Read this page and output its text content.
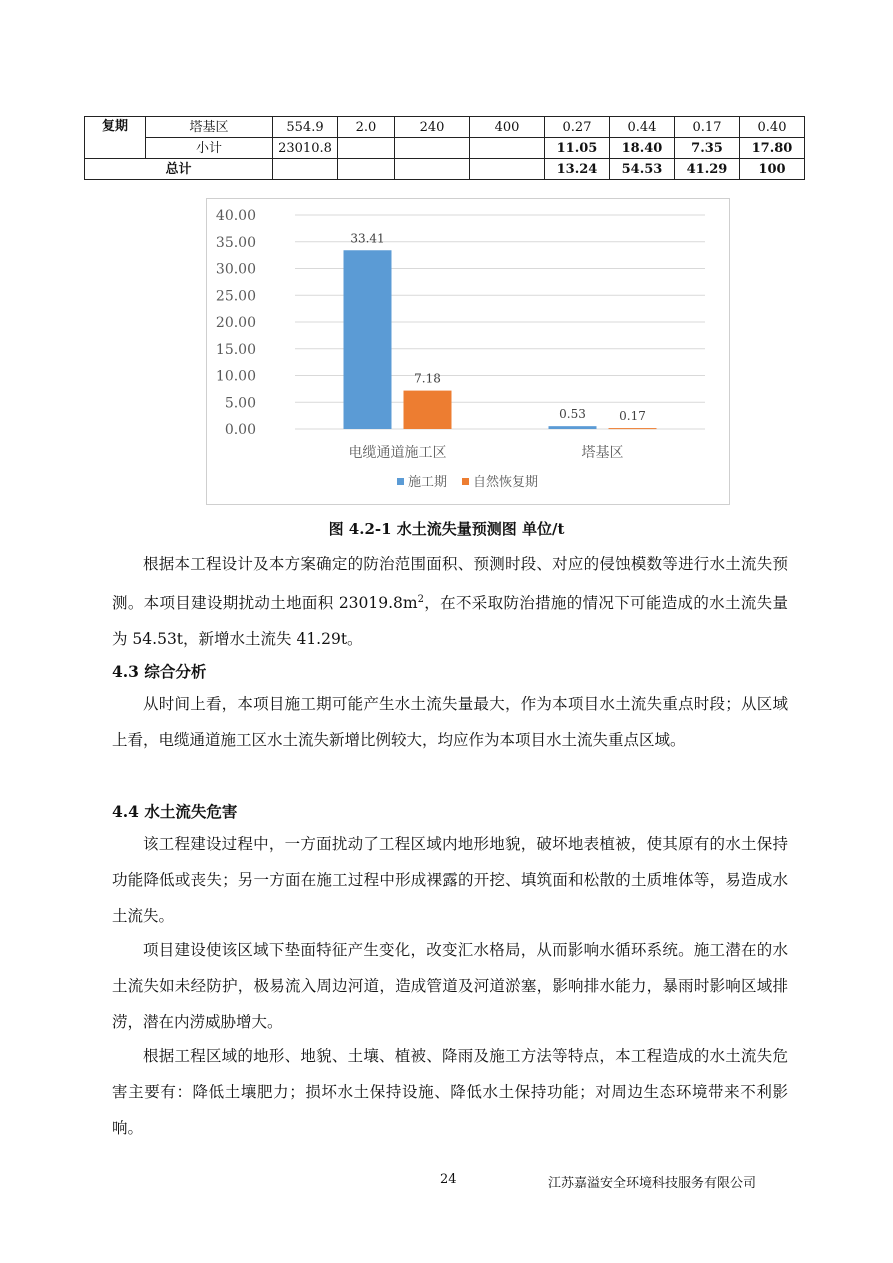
复期	塔基区	554.9	2.0	240	400	0.27	0.44	0.17	0.40
	小计	23010.8				11.05	18.40	7.35	17.80
总计						13.24	54.53	41.29	100
0.00
5.00
10.00
15.00
20.00
25.00
30.00
35.00
40.00
33.41
7.18
电缆通道施工区
0.53	0.17
塔基区
施工期 自然恢复期
图 4.2-1 水土流失量预测图 单位/t

根据本工程设计及本方案确定的防治范围面积、预测时段、对应的侵蚀模数等进行水土流失预测。本项目建设期扰动土地面积 $23019.8m^2$，在不采取防治措施的情况下可能造成的水土流失量为 54.53t，新增水土流失 41.29t。

4.3 综合分析

从时间上看，本项目施工期可能产生水土流失量最大，作为本项目水土流失重点时段；从区域上看，电缆通道施工区水土流失新增比例较大，均应作为本项目水土流失重点区域。

4.4 水土流失危害

该工程建设过程中，一方面扰动了工程区域内地形地貌，破坏地表植被，使其原有的水土保持功能降低或丧失；另一方面在施工过程中形成裸露的开挖、填筑面和松散的土质堆体等，易造成水土流失。

项目建设使该区域下垫面特征产生变化，改变汇水格局，从而影响水循环系统。施工潜在的水土流失如未经防护，极易流入周边河道，造成管道及河道淤塞，影响排水能力，暴雨时影响区域排涝，潜在内涝威胁增大。

根据工程区域的地形、地貌、土壤、植被、降雨及施工方法等特点，本工程造成的水土流失危害主要有：降低土壤肥力；损坏水土保持设施、降低水土保持功能；对周边生态环境带来不利影响。

24	江苏嘉溢安全环境科技服务有限公司
